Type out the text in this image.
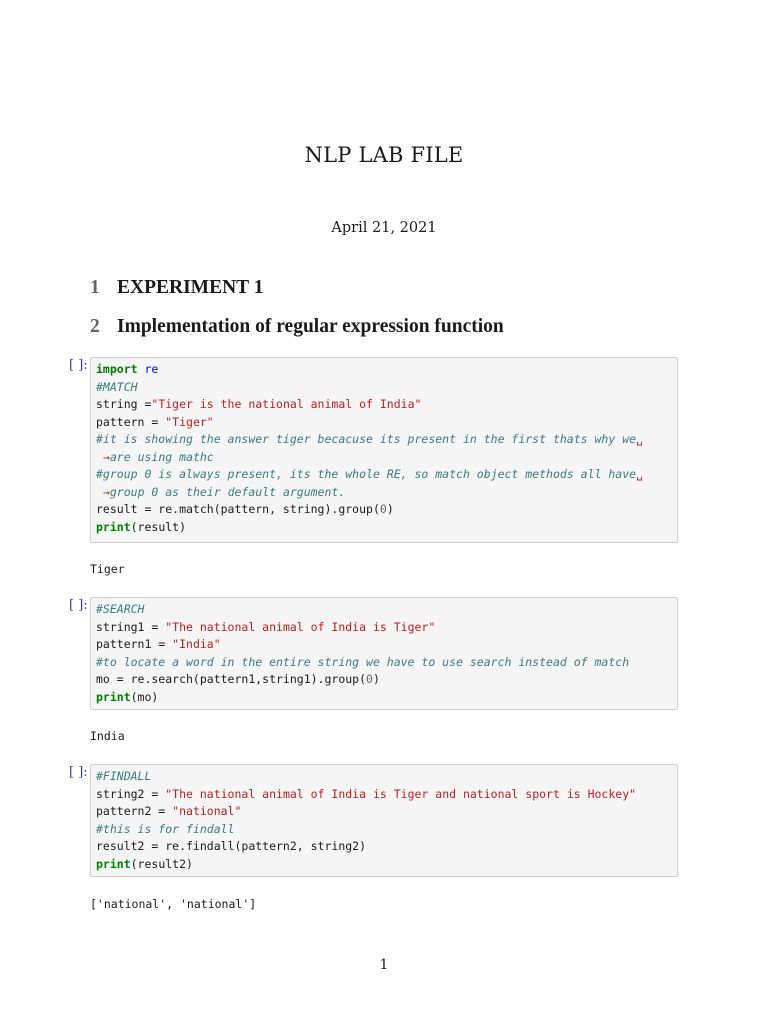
NLP LAB FILE
April 21, 2021
1 EXPERIMENT 1
2 Implementation of regular expression function
[ ]: import re
#MATCH
string ="Tiger is the national animal of India"
pattern = "Tiger"
#it is showing the answer tiger becacuse its present in the first thats why we␣
→are using mathc
#group 0 is always present, its the whole RE, so match object methods all have␣
→group 0 as their default argument.
result = re.match(pattern, string).group(0)
print(result)
Tiger
[ ]: #SEARCH
string1 = "The national animal of India is Tiger"
pattern1 = "India"
#to locate a word in the entire string we have to use search instead of match
mo = re.search(pattern1,string1).group(0)
print(mo)
India
[ ]: #FINDALL
string2 = "The national animal of India is Tiger and national sport is Hockey"
pattern2 = "national"
#this is for findall
result2 = re.findall(pattern2, string2)
print(result2)
['national', 'national']
1
